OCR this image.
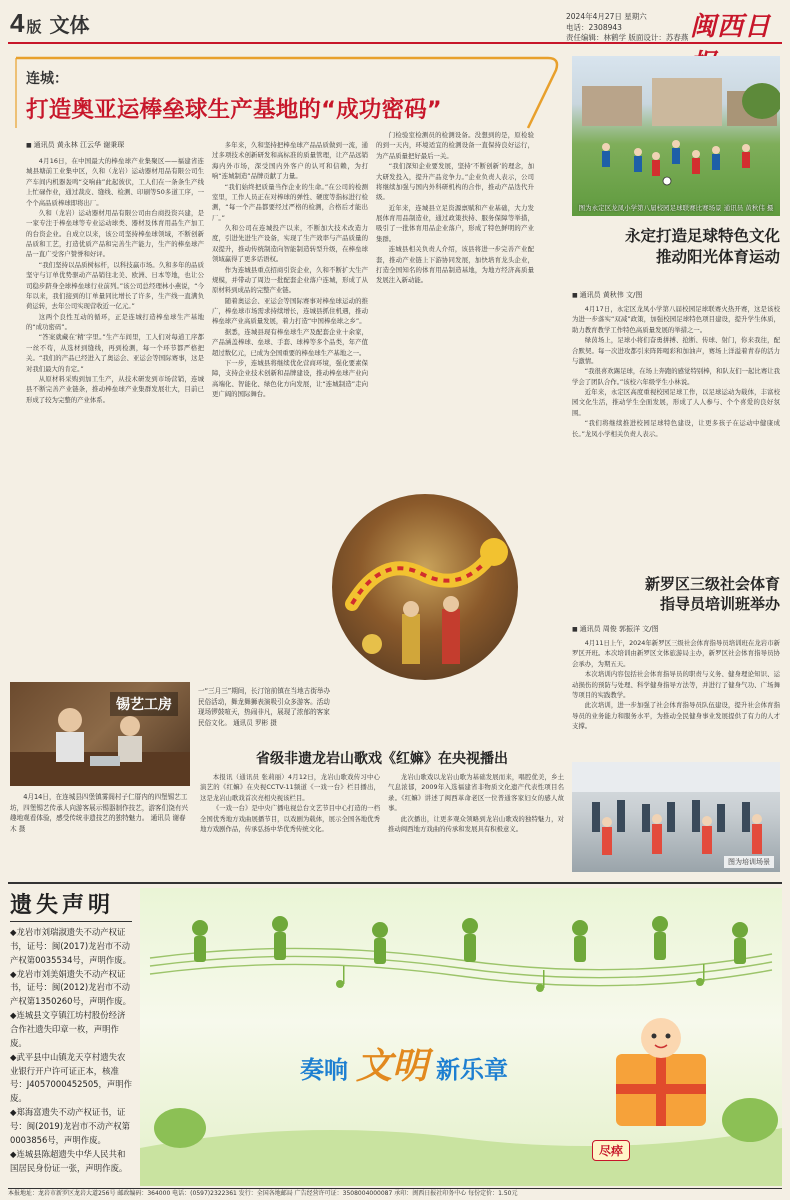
4 版 文体	2024年4月27日 星期六
电话：2308943
责任编辑：林鹤学 版面设计：苏春燕 闽西日
连城：
打造奥亚运棒垒球生产基地的“成功密码”
■ 通讯员 黄永林 江云华 谢秉琛

4月16日，在中国最大的棒垒球产业集聚区——福建省连城县塘前工业集中区，久和（龙岩）运动器材用品有限公司生产车间内机器轰鸣“交响曲”此起彼伏，工人们在一条条生产线上忙碌作业，通过裁皮、缝线、检测、印刷等50多道工序，一个个高品质棒球即将出厂。

久和（龙岩）运动器材用品有限公司由台商投资兴建，是一家专注于棒垒球等专业运动球类、器材及体育用品生产加工的台资企业。自成立以来，该公司坚持棒垒球领域，不断创新品质和工艺，打造优质产品和完善生产能力，生产的棒垒球产品一直广受客户赞誉和好评。

“我们坚持以品质树标杆，以科技赢市场。久和多年的品质坚守与订单优势驱动产品销往北美、欧洲、日本等地，也让公司稳步跻身全球棒垒球行业前列。”该公司总经理林小燕说，“今年以来，我们接到的订单量同比增长了许多，生产线一直满负荷运转，去年公司实现营收近一亿元。”

这两个良性互动的循环，正是连城打造棒垒球生产基地的“成功密码”。

“答案就藏在‘精’字里。”生产车间里，工人们对每道工序都一丝不苟，从选材到缝线，再到检测，每一个环节都严格把关。“我们的产品已经进入了奥运会、亚运会等国际赛事，这是对我们最大的肯定。”

从原材料采购到加工生产，从技术研发到市场营销，连城县不断完善产业链条，推动棒垒球产业集群发展壮大，目前已形成了较为完整的产业体系。

多年来，久和坚持把棒垒球产品品质做到一流，通过多项技术创新研发和高标准的质量管理，让产品远销海内外市场，深受国内外客户的认可和信赖，为打响“连城制造”品牌贡献了力量。

“我们始终把质量当作企业的生命。”在公司的检测室里，工作人员正在对棒球的弹性、硬度等指标进行检测，“每一个产品都要经过严格的检测，合格后才能出厂。”

久和公司在连城投产以来，不断加大技术改造力度，引进先进生产设备，实现了生产效率与产品质量的双提升，推动传统制造向智能制造转型升级，在棒垒球领域赢得了更多话语权。

作为连城县重点招商引资企业，久和不断扩大生产规模，并带动了周边一批配套企业落户连城，形成了从原材料到成品的完整产业链。

随着奥运会、亚运会等国际赛事对棒垒球运动的推广，棒垒球市场需求持续增长，连城县抓住机遇，推动棒垒球产业高质量发展，着力打造“中国棒垒球之乡”。

据悉，连城县现有棒垒球生产及配套企业十余家，产品涵盖棒球、垒球、手套、球棒等多个品类，年产值超过数亿元，已成为全国重要的棒垒球生产基地之一。

下一步，连城县将继续优化营商环境，强化要素保障，支持企业技术创新和品牌建设，推动棒垒球产业向高端化、智能化、绿色化方向发展，让“连城制造”走向更广阔的国际舞台。

门检验室检测员的检测设备。没想到的是，原检验的到一天内，环境适宜的检测设备一直保持良好运行，为产品质量把好最后一关。

“我们深知企业要发展，坚持‘不断创新’的理念，加大研发投入，提升产品竞争力。”企业负责人表示，公司将继续加强与国内外科研机构的合作，推动产品迭代升级。

近年来，连城县立足资源禀赋和产业基础，大力发展体育用品制造业，通过政策扶持、服务保障等举措，吸引了一批体育用品企业落户，形成了特色鲜明的产业集群。

连城县相关负责人介绍，该县将进一步完善产业配套，推动产业链上下游协同发展，加快培育龙头企业，打造全国知名的体育用品制造基地，为地方经济高质量发展注入新动能。

图为永定区龙凤小学第八届校园足球联赛比赛场景 通讯员 黄秋伟 摄
永定打造足球特色文化
推动阳光体育运动
■ 通讯员 黄秋伟 文/图

4月17日，永定区龙凤小学第八届校园足球联赛火热开赛，这是该校为进一步落实“双减”政策，加强校园足球特色项目建设，提升学生体质，助力教育教学工作特色高质量发展的举措之一。

绿茵场上，足球小将们奋勇拼搏、抢断、传球、射门，你来我往，配合默契。每一次进攻都引来阵阵喝彩和加油声，赛场上洋溢着青春的活力与激情。

“我很喜欢踢足球，在场上奔跑的感觉特别棒，和队友们一起比赛让我学会了团队合作。”该校六年级学生小林说。

近年来，永定区高度重视校园足球工作，以足球运动为载体，丰富校园文化生活，推动学生全面发展，形成了人人参与、个个喜爱的良好氛围。

“我们将继续推进校园足球特色建设，让更多孩子在运动中健康成长。”龙凤小学相关负责人表示。

新罗区三级社会体育
指导员培训班举办
■ 通讯员 周俊 郭振洋 文/图

4月11日上午，2024年新罗区三级社会体育指导员培训班在龙岩市新罗区开班。本次培训由新罗区文体旅游局主办，新罗区社会体育指导员协会承办，为期五天。

本次培训内容包括社会体育指导员的职责与义务、健身理论知识、运动损伤的预防与处理、科学健身指导方法等，并进行了健身气功、广场舞等项目的实践教学。

此次培训，进一步加强了社会体育指导员队伍建设，提升社会体育指导员的业务能力和服务水平，为推动全民健身事业发展提供了有力的人才支撑。

图为培训场景
锡艺工房
4月14日，在连城县四堡镇雾阁村子仁厝内的四堡锡艺工坊，四堡锡艺传承人向游客展示锡器制作技艺，游客们饶有兴趣地观看体验，感受传统非遗技艺的独特魅力。 通讯员 谢春木 摄
一“三月三”期间，长汀馆前镇在当地古街举办民俗活动，舞龙舞狮表演吸引众多游客。活动现场锣鼓喧天，热闹非凡，展现了浓郁的客家民俗文化。 通讯员 罗彬 摄
省级非遗龙岩山歌戏《红嫲》在央视播出

本报讯（通讯员 张莉丽）4月12日，龙岩山歌戏传习中心演艺的《红嫲》在央视CCTV-11频道《一戏一台》栏目播出，这是龙岩山歌戏首次亮相央视该栏目。

《一戏一台》是中央广播电视总台文艺节目中心打造的一档全国优秀地方戏曲展播节目，以戏剧为载体，展示全国各地优秀地方戏剧作品，传承弘扬中华优秀传统文化。

龙岩山歌戏以龙岩山歌为基础发展而来，唱腔优美，乡土气息浓郁，2009年入选福建省非物质文化遗产代表性项目名录。《红嫲》讲述了闽西革命老区一位普通客家妇女的感人故事。

此次播出，让更多观众领略到龙岩山歌戏的独特魅力，对推动闽西地方戏曲的传承和发展具有积极意义。

遗失声明

◆龙岩市刘瑞淑遗失不动产权证书，证号：闽(2017)龙岩市不动产权第0035534号，声明作废。

◆龙岩市刘美娟遗失不动产权证书，证号：闽(2012)龙岩市不动产权第1350260号，声明作废。

◆连城县文亨镇江坊村股份经济合作社遗失印章一枚，声明作废。

◆武平县中山镇龙天亨村遗失农业银行开户许可证正本，核准号：J4057000452505，声明作废。

◆郑海富遗失不动产权证书，证号：闽(2019)龙岩市不动产权第0003856号，声明作废。

◆连城县陈超遗失中华人民共和国居民身份证一张，声明作废。

奏响 文明 新乐章
尽瘁
本报地址：龙岩市新罗区龙岩大道256号 邮政编码：364000 电话：(0597)2322361 发行：全国各地邮局 广告经营许可证：3508004000087 承印：闽西日报社印务中心 每份定价：1.50元
